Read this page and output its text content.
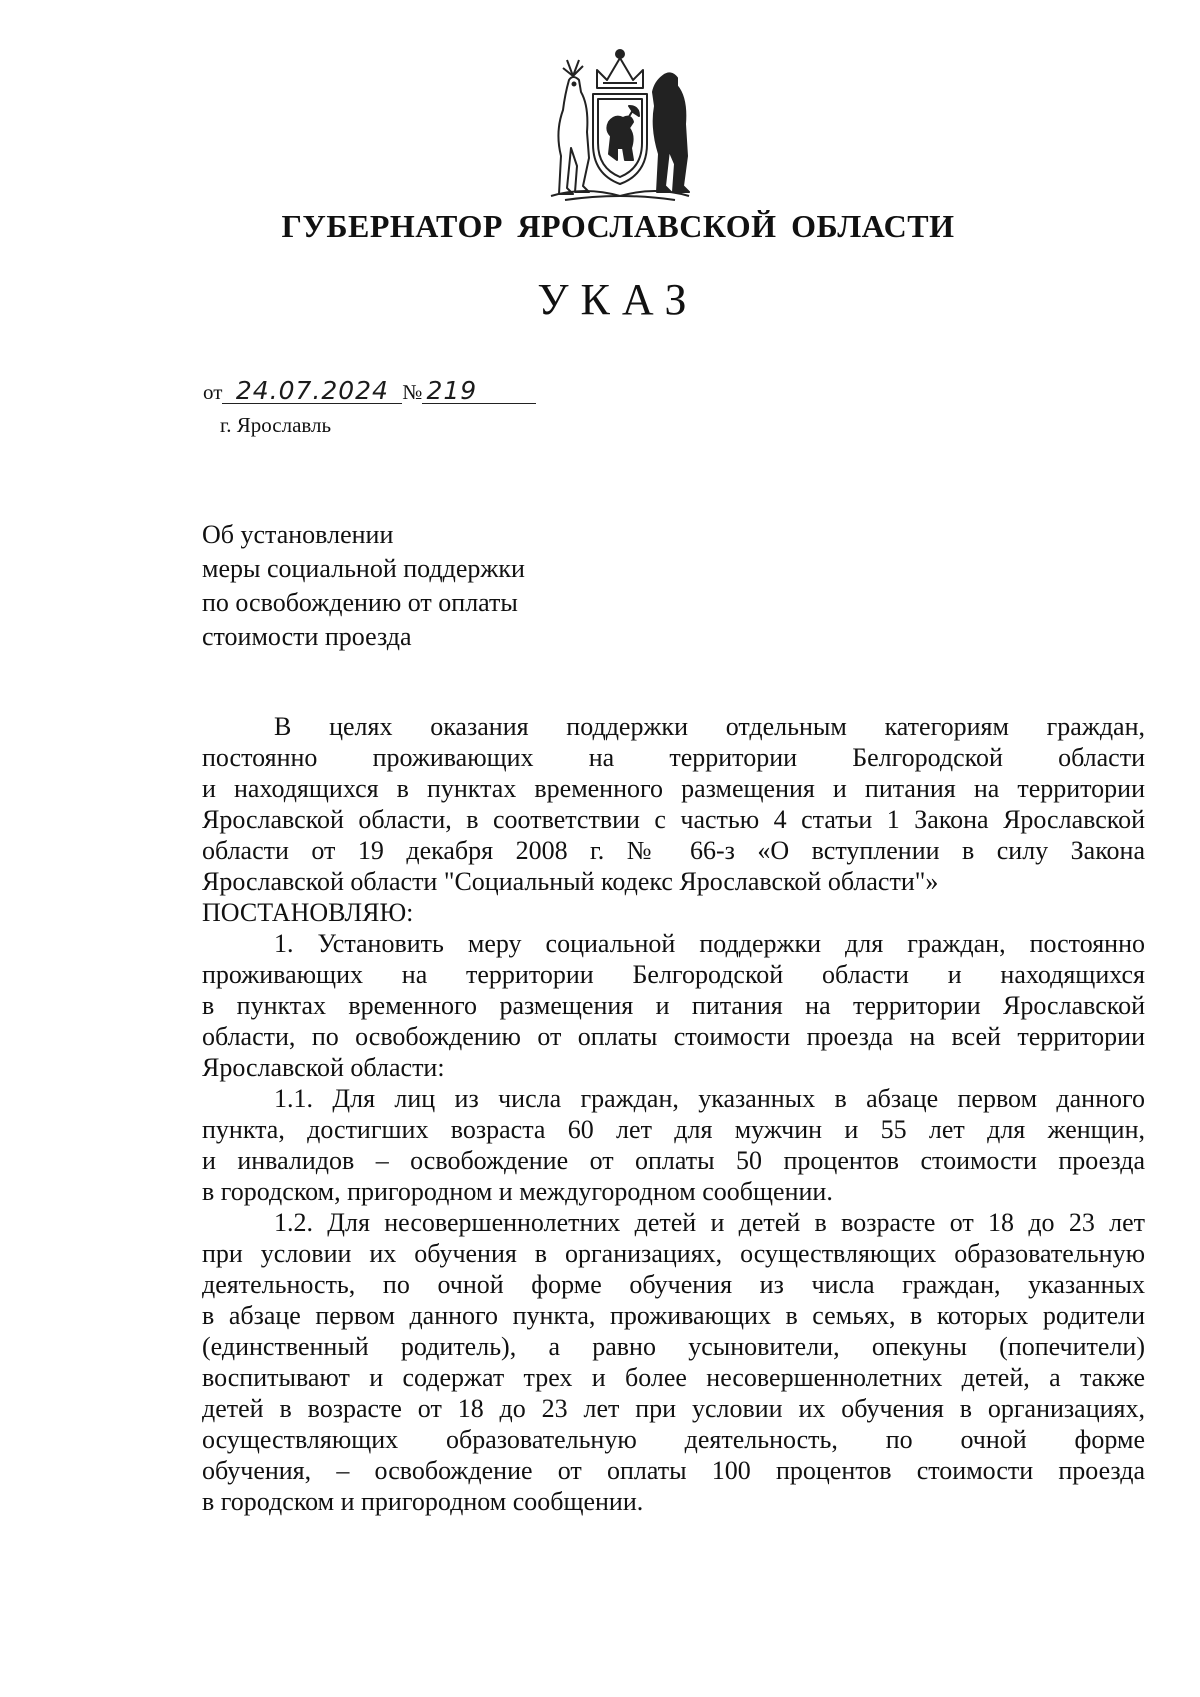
ГУБЕРНАТОР ЯРОСЛАВСКОЙ ОБЛАСТИ
УКАЗ
от 24.07.2024 № 219
г. Ярославль
Об установлении
меры социальной поддержки
по освобождению от оплаты
стоимости проезда

В целях оказания поддержки отдельным категориям граждан,

постоянно проживающих на территории Белгородской области

и находящихся в пунктах временного размещения и питания на территории

Ярославской области, в соответствии с частью 4 статьи 1 Закона Ярославской

области от 19 декабря 2008 г. № 66-з «О вступлении в силу Закона

Ярославской области "Социальный кодекс Ярославской области"»

ПОСТАНОВЛЯЮ:

1. Установить меру социальной поддержки для граждан, постоянно

проживающих на территории Белгородской области и находящихся

в пунктах временного размещения и питания на территории Ярославской

области, по освобождению от оплаты стоимости проезда на всей территории

Ярославской области:

1.1. Для лиц из числа граждан, указанных в абзаце первом данного

пункта, достигших возраста 60 лет для мужчин и 55 лет для женщин,

и инвалидов – освобождение от оплаты 50 процентов стоимости проезда

в городском, пригородном и междугородном сообщении.

1.2. Для несовершеннолетних детей и детей в возрасте от 18 до 23 лет

при условии их обучения в организациях, осуществляющих образовательную

деятельность, по очной форме обучения из числа граждан, указанных

в абзаце первом данного пункта, проживающих в семьях, в которых родители

(единственный родитель), а равно усыновители, опекуны (попечители)

воспитывают и содержат трех и более несовершеннолетних детей, а также

детей в возрасте от 18 до 23 лет при условии их обучения в организациях,

осуществляющих образовательную деятельность, по очной форме

обучения, – освобождение от оплаты 100 процентов стоимости проезда

в городском и пригородном сообщении.
